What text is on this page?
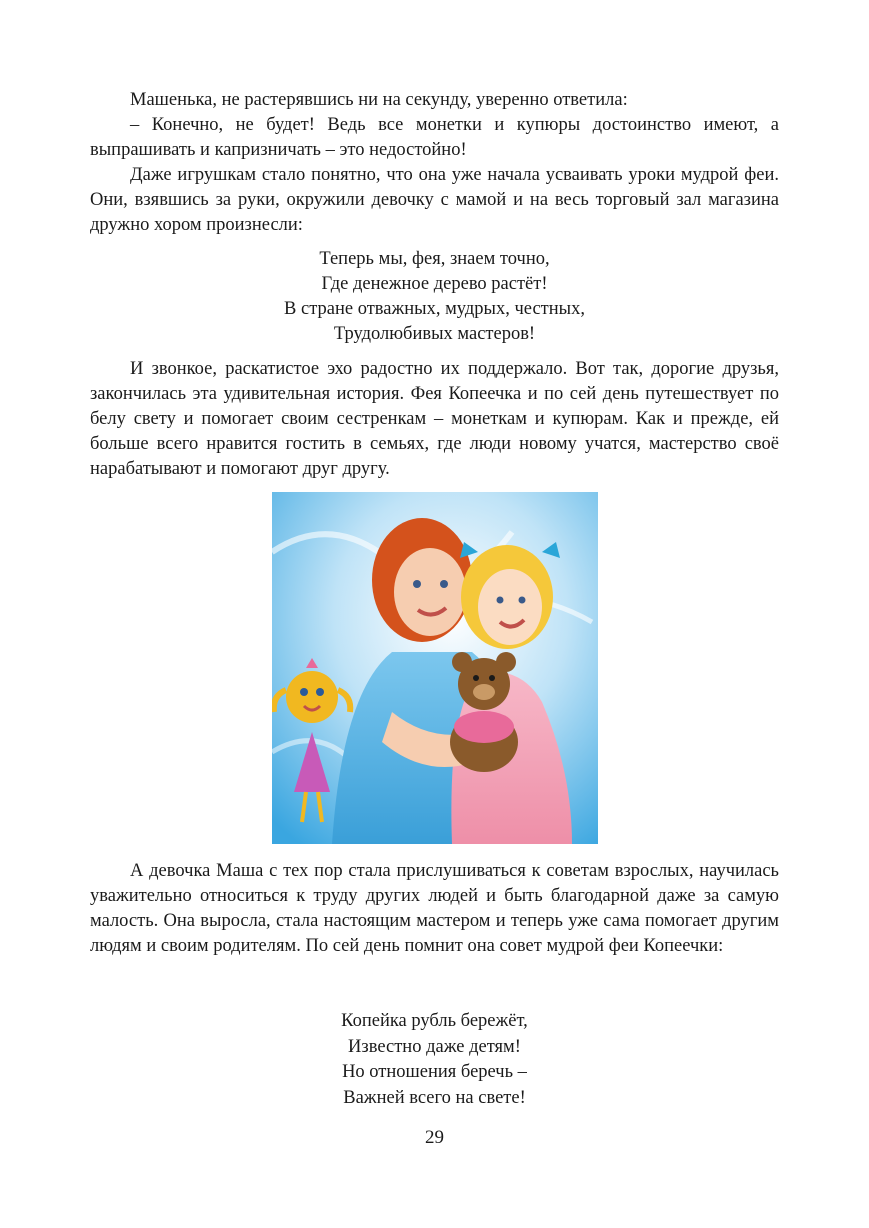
Машенька, не растерявшись ни на секунду, уверенно ответила:

– Конечно, не будет! Ведь все монетки и купюры достоинство имеют, а выпрашивать и капризничать – это недостойно!

Даже игрушкам стало понятно, что она уже начала усваивать уроки мудрой феи. Они, взявшись за руки, окружили девочку с мамой и на весь торговый зал магазина дружно хором произнесли:

Теперь мы, фея, знаем точно,
Где денежное дерево растёт!
В стране отважных, мудрых, честных,
Трудолюбивых мастеров!

И звонкое, раскатистое эхо радостно их поддержало. Вот так, дорогие друзья, закончилась эта удивительная история. Фея Копеечка и по сей день путешествует по белу свету и помогает своим сестренкам – монеткам и купюрам. Как и прежде, ей больше всего нравится гостить в семьях, где люди новому учатся, мастерство своё нарабатывают и помогают друг другу.

А девочка Маша с тех пор стала прислушиваться к советам взрослых, научилась уважительно относиться к труду других людей и быть благодарной даже за самую малость. Она выросла, стала настоящим мастером и теперь уже сама помогает другим людям и своим родителям. По сей день помнит она совет мудрой феи Копеечки:

Копейка рубль бережёт,
Известно даже детям!
Но отношения беречь –
Важней всего на свете!
29
